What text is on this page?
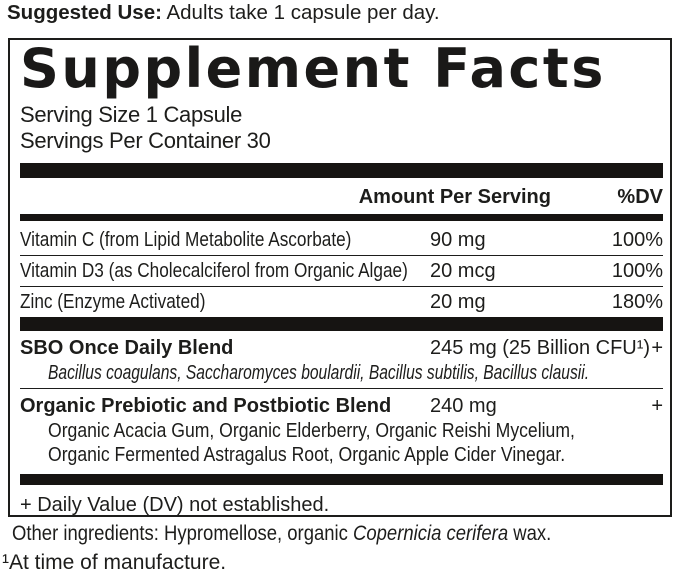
Suggested Use: Adults take 1 capsule per day.
Supplement Facts
Serving Size 1 Capsule
Servings Per Container 30
Amount Per Serving	%DV
Vitamin C (from Lipid Metabolite Ascorbate)	90 mg	100%
Vitamin D3 (as Cholecalciferol from Organic Algae)	20 mcg	100%
Zinc (Enzyme Activated)	20 mg	180%
SBO Once Daily Blend	245 mg (25 Billion CFU¹) +
Bacillus coagulans, Saccharomyces boulardii, Bacillus subtilis, Bacillus clausii.
Organic Prebiotic and Postbiotic Blend	240 mg	+
Organic Acacia Gum, Organic Elderberry, Organic Reishi Mycelium,
Organic Fermented Astragalus Root, Organic Apple Cider Vinegar.
+ Daily Value (DV) not established.
Other ingredients: Hypromellose, organic Copernicia cerifera wax.
¹At time of manufacture.
